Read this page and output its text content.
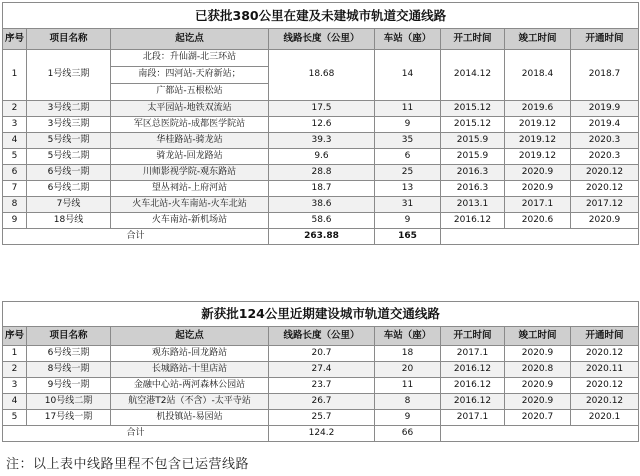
已获批380公里在建及未建城市轨道交通线路							
序号	项目名称	起讫点	线路长度（公里）	车站（座）	开工时间	竣工时间	开通时间
1	1号线三期	北段：升仙湖-北三环站	18.68	14	2014.12	2018.4	2018.7
		南段：四河站-天府新站；					
		广都站-五根松站					
2	3号线二期	太平园站-地铁双流站	17.5	11	2015.12	2019.6	2019.9
3	3号线三期	军区总医院站-成都医学院站	12.6	9	2015.12	2019.12	2019.4
4	5号线一期	华桂路站-骑龙站	39.3	35	2015.9	2019.12	2020.3
5	5号线二期	骑龙站-回龙路站	9.6	6	2015.9	2019.12	2020.3
6	6号线一期	川师影视学院-观东路站	28.8	25	2016.3	2020.9	2020.12
7	6号线二期	望丛祠站-上府河站	18.7	13	2016.3	2020.9	2020.12
8	7号线	火车北站-火车南站-火车北站	38.6	31	2013.1	2017.1	2017.12
9	18号线	火车南站-新机场站	58.6	9	2016.12	2020.6	2020.9
合计			263.88	165			
新获批124公里近期建设城市轨道交通线路							
序号	项目名称	起讫点	线路长度（公里）	车站（座）	开工时间	竣工时间	开通时间
1	6号线三期	观东路站-回龙路站	20.7	18	2017.1	2020.9	2020.12
2	8号线一期	长城路站-十里店站	27.4	20	2016.12	2020.8	2020.11
3	9号线一期	金融中心站-两河森林公园站	23.7	11	2016.12	2020.9	2020.12
4	10号线二期	航空港T2站（不含）-太平寺站	26.7	8	2016.12	2020.9	2020.12
5	17号线一期	机投镇站-易园站	25.7	9	2017.1	2020.7	2020.1
合计			124.2	66			
注：以上表中线路里程不包含已运营线路
